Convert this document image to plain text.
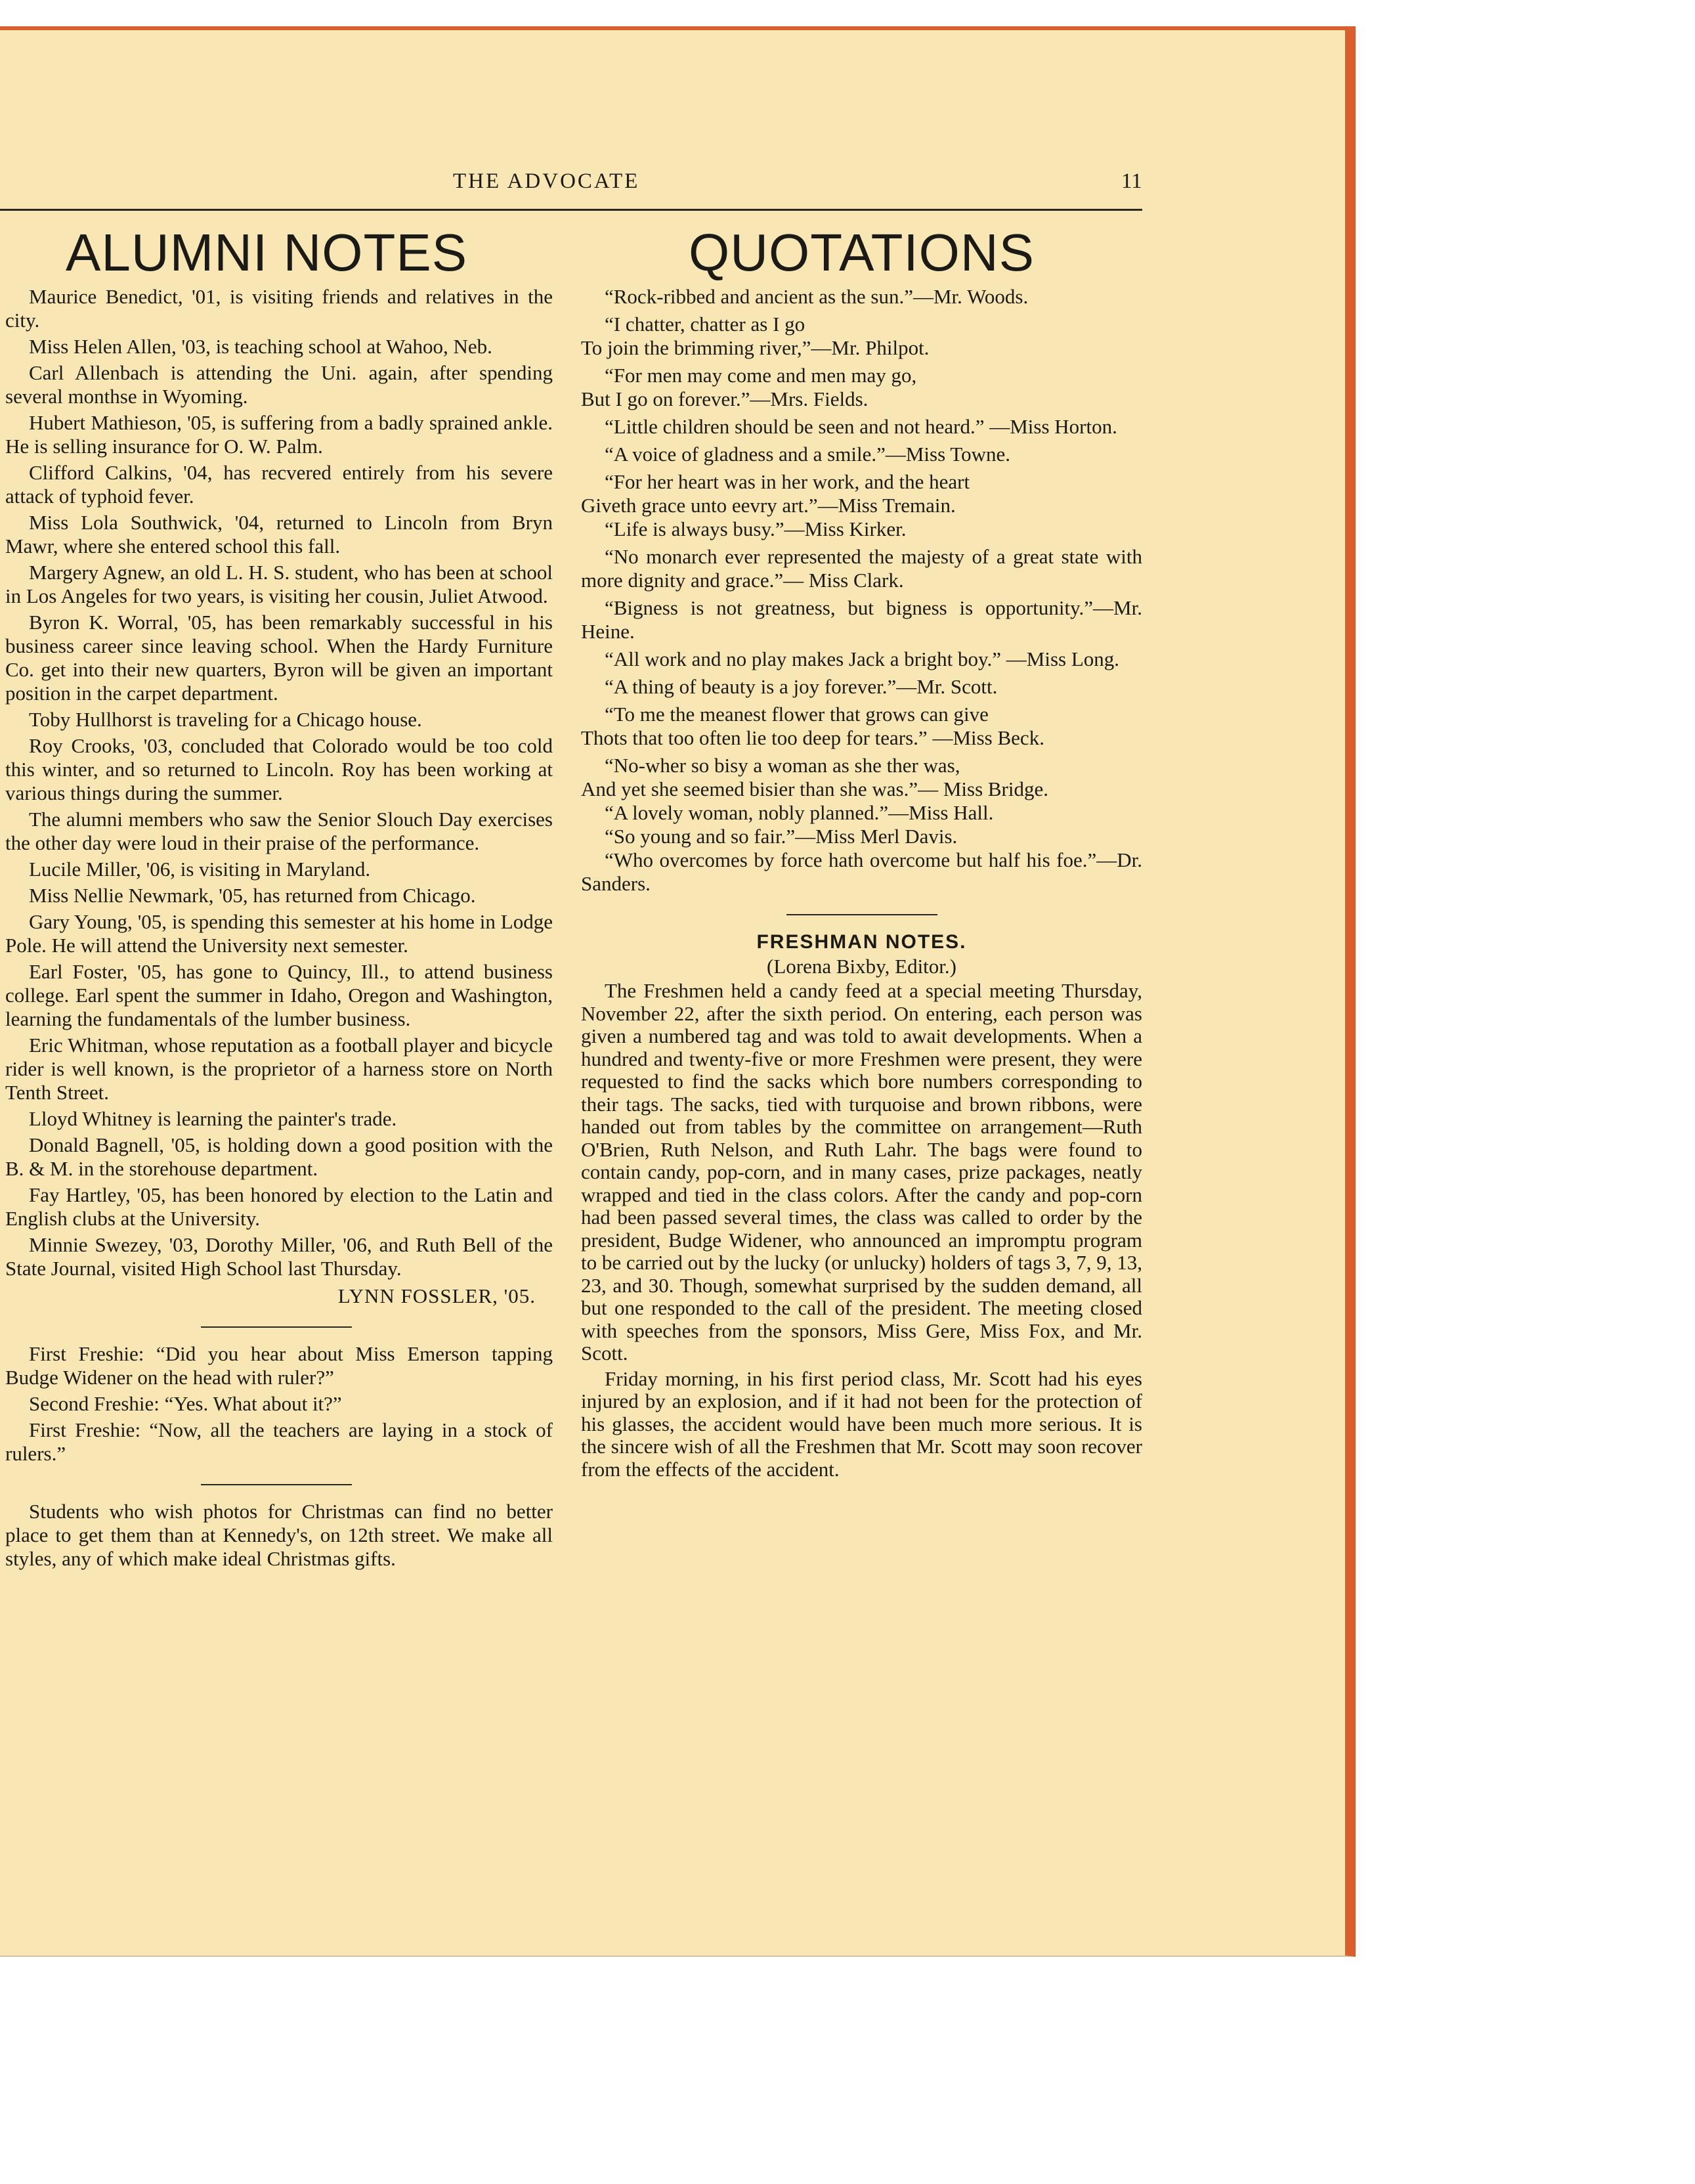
THE ADVOCATE	11
ALUMNI NOTES

Maurice Benedict, '01, is visiting friends and relatives in the city.

Miss Helen Allen, '03, is teaching school at Wahoo, Neb.

Carl Allenbach is attending the Uni. again, after spending several monthse in Wyoming.

Hubert Mathieson, '05, is suffering from a badly sprained ankle. He is selling insurance for O. W. Palm.

Clifford Calkins, '04, has recvered entirely from his severe attack of typhoid fever.

Miss Lola Southwick, '04, returned to Lincoln from Bryn Mawr, where she entered school this fall.

Margery Agnew, an old L. H. S. student, who has been at school in Los Angeles for two years, is visiting her cousin, Juliet Atwood.

Byron K. Worral, '05, has been remarkably successful in his business career since leaving school. When the Hardy Furniture Co. get into their new quarters, Byron will be given an important position in the carpet department.

Toby Hullhorst is traveling for a Chicago house.

Roy Crooks, '03, concluded that Colorado would be too cold this winter, and so returned to Lincoln. Roy has been working at various things during the summer.

The alumni members who saw the Senior Slouch Day exercises the other day were loud in their praise of the performance.

Lucile Miller, '06, is visiting in Maryland.

Miss Nellie Newmark, '05, has returned from Chicago.

Gary Young, '05, is spending this semester at his home in Lodge Pole. He will attend the University next semester.

Earl Foster, '05, has gone to Quincy, Ill., to attend business college. Earl spent the summer in Idaho, Oregon and Washington, learning the fundamentals of the lumber business.

Eric Whitman, whose reputation as a football player and bicycle rider is well known, is the proprietor of a harness store on North Tenth Street.

Lloyd Whitney is learning the painter's trade.

Donald Bagnell, '05, is holding down a good position with the B. & M. in the storehouse department.

Fay Hartley, '05, has been honored by election to the Latin and English clubs at the University.

Minnie Swezey, '03, Dorothy Miller, '06, and Ruth Bell of the State Journal, visited High School last Thursday.

LYNN FOSSLER, '05.

First Freshie: “Did you hear about Miss Emerson tapping Budge Widener on the head with ruler?”

Second Freshie: “Yes. What about it?”

First Freshie: “Now, all the teachers are laying in a stock of rulers.”

Students who wish photos for Christmas can find no better place to get them than at Kennedy's, on 12th street. We make all styles, any of which make ideal Christmas gifts.

QUOTATIONS

“Rock-ribbed and ancient as the sun.”—Mr. Woods.

“I chatter, chatter as I go

To join the brimming river,”—Mr. Philpot.

“For men may come and men may go,

But I go on forever.”—Mrs. Fields.

“Little children should be seen and not heard.” —Miss Horton.

“A voice of gladness and a smile.”—Miss Towne.

“For her heart was in her work, and the heart

Giveth grace unto eevry art.”—Miss Tremain.

“Life is always busy.”—Miss Kirker.

“No monarch ever represented the majesty of a great state with more dignity and grace.”— Miss Clark.

“Bigness is not greatness, but bigness is opportunity.”—Mr. Heine.

“All work and no play makes Jack a bright boy.” —Miss Long.

“A thing of beauty is a joy forever.”—Mr. Scott.

“To me the meanest flower that grows can give

Thots that too often lie too deep for tears.” —Miss Beck.

“No-wher so bisy a woman as she ther was,

And yet she seemed bisier than she was.”— Miss Bridge.

“A lovely woman, nobly planned.”—Miss Hall.

“So young and so fair.”—Miss Merl Davis.

“Who overcomes by force hath overcome but half his foe.”—Dr. Sanders.

FRESHMAN NOTES.
(Lorena Bixby, Editor.)

The Freshmen held a candy feed at a special meeting Thursday, November 22, after the sixth period. On entering, each person was given a numbered tag and was told to await developments. When a hundred and twenty-five or more Freshmen were present, they were requested to find the sacks which bore numbers corresponding to their tags. The sacks, tied with turquoise and brown ribbons, were handed out from tables by the committee on arrangement—Ruth O'Brien, Ruth Nelson, and Ruth Lahr. The bags were found to contain candy, pop-corn, and in many cases, prize packages, neatly wrapped and tied in the class colors. After the candy and pop-corn had been passed several times, the class was called to order by the president, Budge Widener, who announced an impromptu program to be carried out by the lucky (or unlucky) holders of tags 3, 7, 9, 13, 23, and 30. Though, somewhat surprised by the sudden demand, all but one responded to the call of the president. The meeting closed with speeches from the sponsors, Miss Gere, Miss Fox, and Mr. Scott.

Friday morning, in his first period class, Mr. Scott had his eyes injured by an explosion, and if it had not been for the protection of his glasses, the accident would have been much more serious. It is the sincere wish of all the Freshmen that Mr. Scott may soon recover from the effects of the accident.
